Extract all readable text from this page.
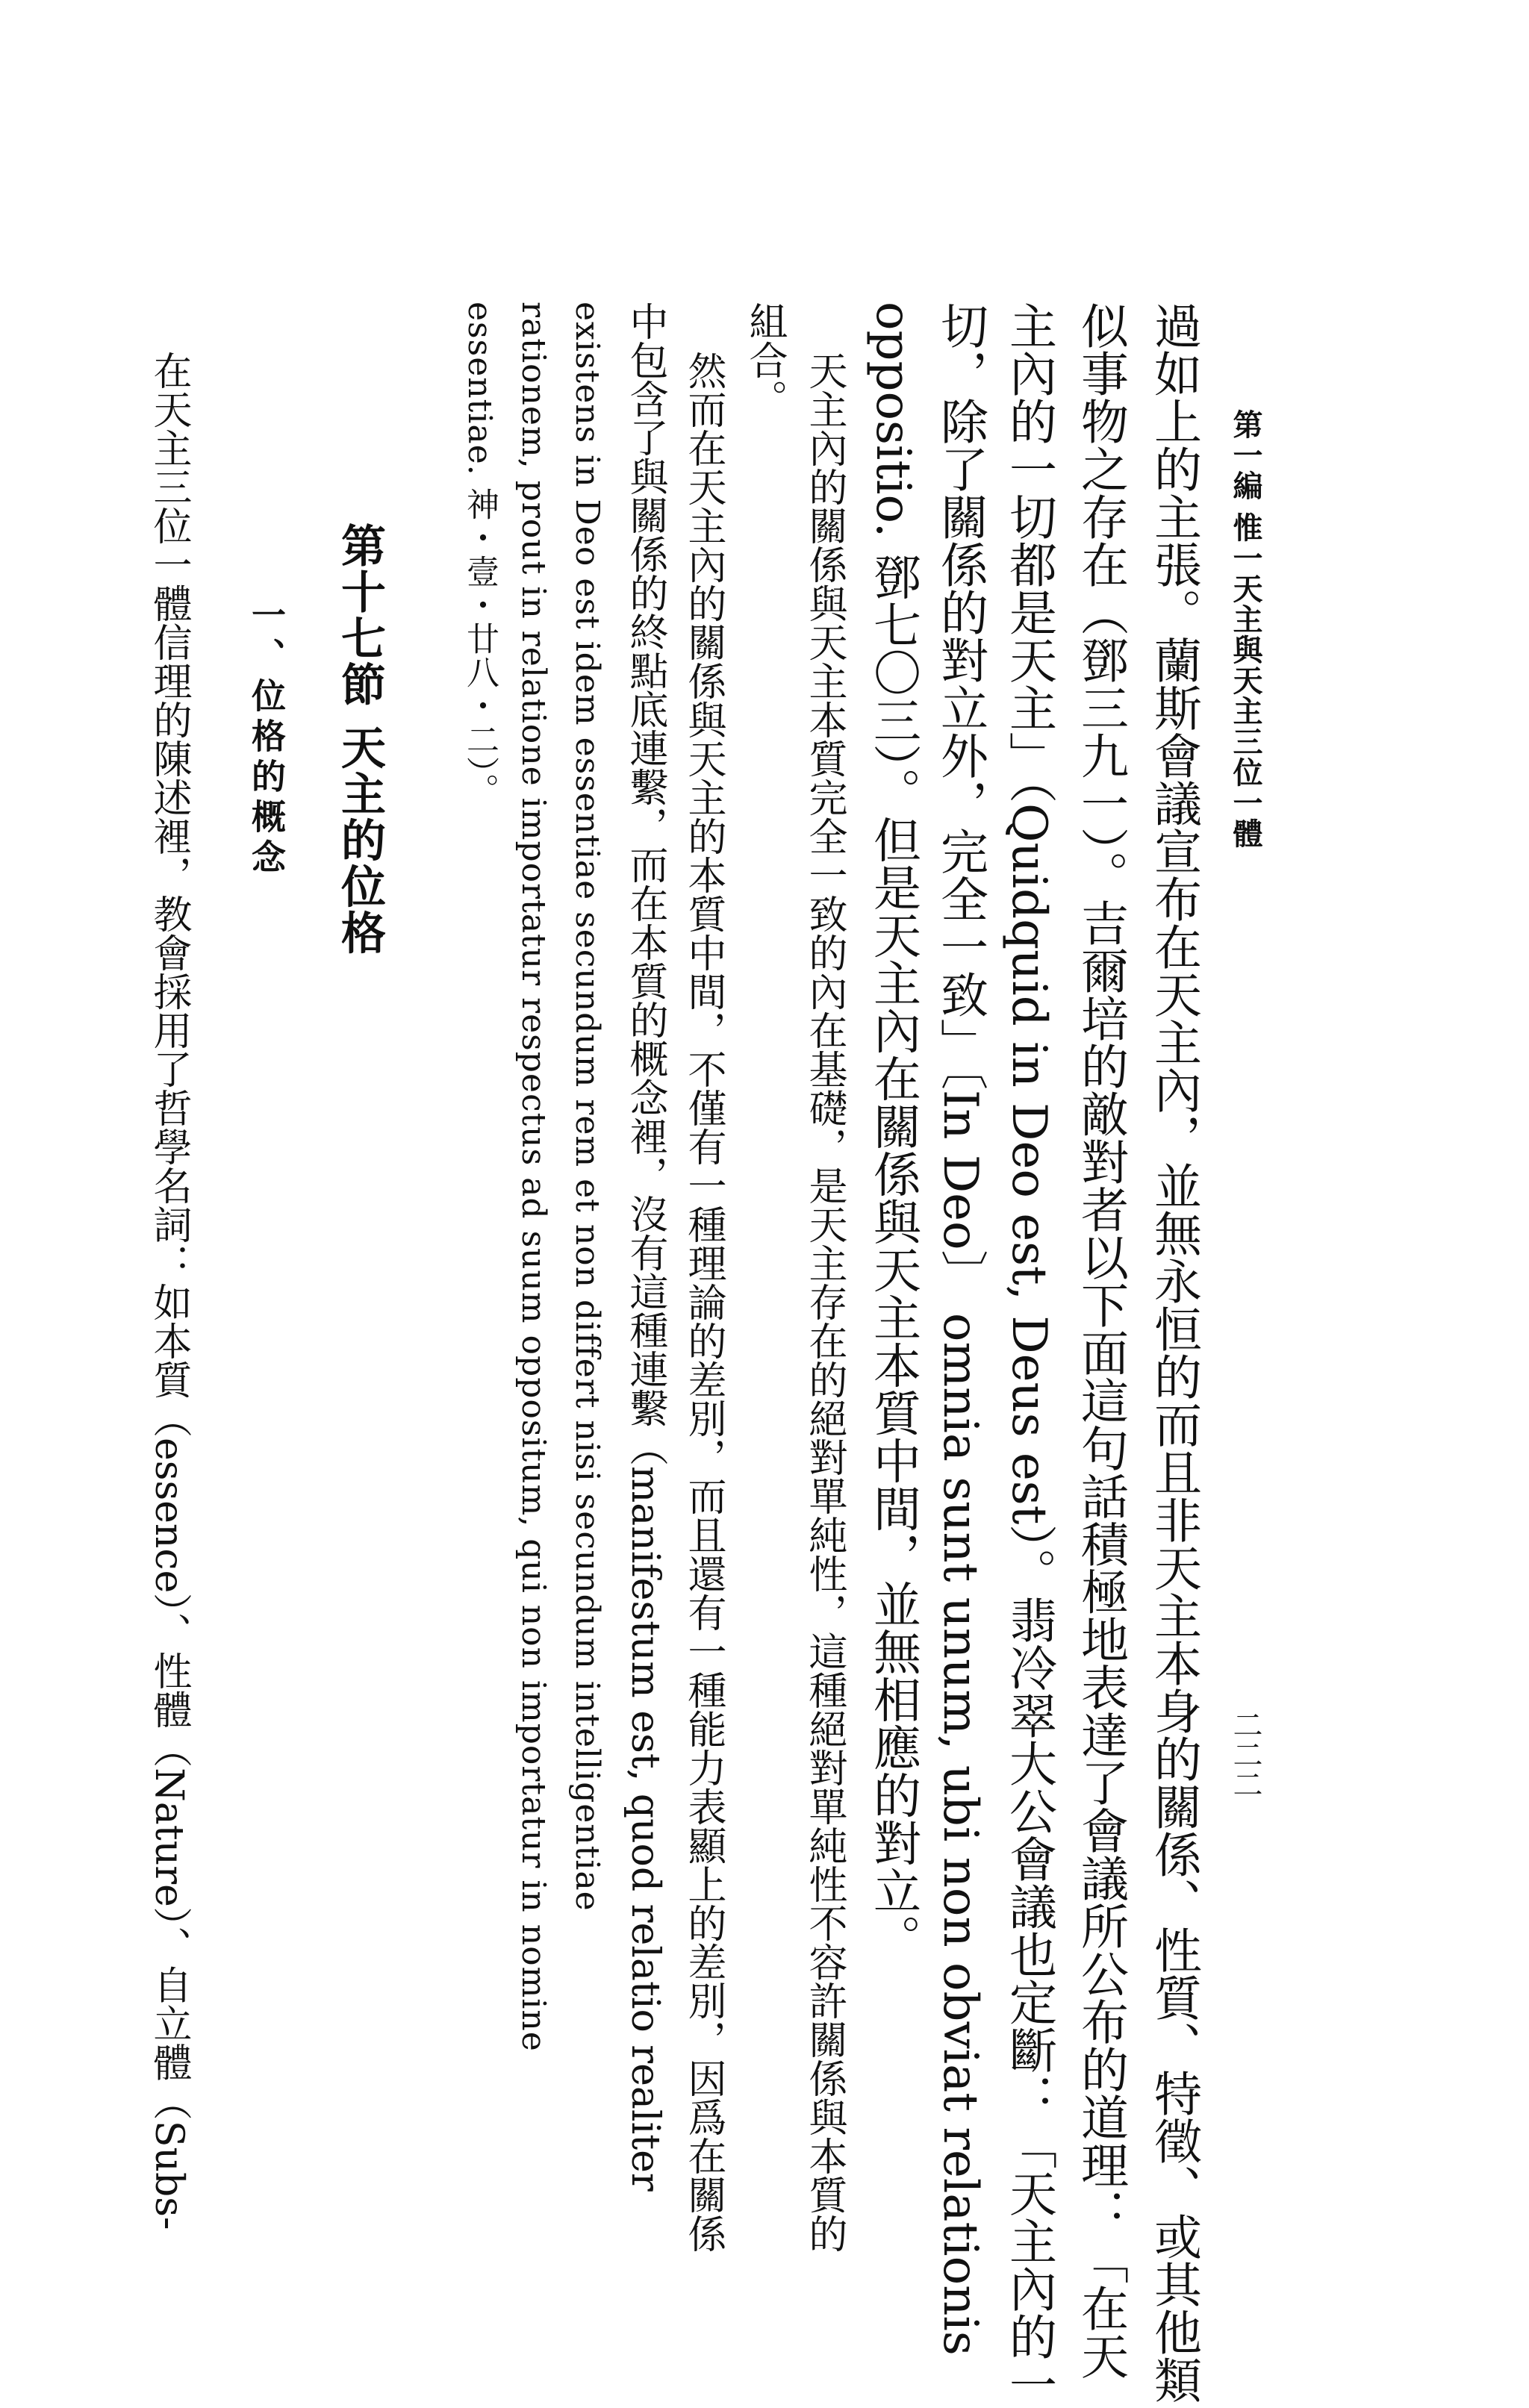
第一編 惟一天主與天主三位一體
二二二
過如上的主張。蘭斯會議宣布在天主內，並無永恒的而且非天主本身的關係、性質、特徵、或其他類
似事物之存在（鄧三九一）。吉爾培的敵對者以下面這句話積極地表達了會議所公布的道理：「在天
主內的一切都是天主」（Quidquid in Deo est, Deus est）。翡冷翠大公會議也定斷：「天主內的一
切，除了關係的對立外，完全一致」〔In Deo〕 omnia sunt unum, ubi non obviat relationis
oppositio. 鄧七〇三）。但是天主內在關係與天主本質中間，並無相應的對立。
天主內的關係與天主本質完全一致的內在基礎，是天主存在的絕對單純性，這種絕對單純性不容許關係與本質的
組合。
然而在天主內的關係與天主的本質中間，不僅有一種理論的差別，而且還有一種能力表顯上的差別，因爲在關係
中包含了與關係的終點底連繫，而在本質的概念裡，沒有這種連繫（manifestum est, quod relatio realiter
existens in Deo est idem essentiae secundum rem et non differt nisi secundum intelligentiae
rationem, prout in relatione importatur respectus ad suum oppositum, qui non importatur in nomine
essentiae. 神・壹・廿八・二）。
第十七節 天主的位格
一、位格的概念
在天主三位一體信理的陳述裡，教會採用了哲學名詞：如本質（essence）、性體（Nature）、自立體（Subs-
